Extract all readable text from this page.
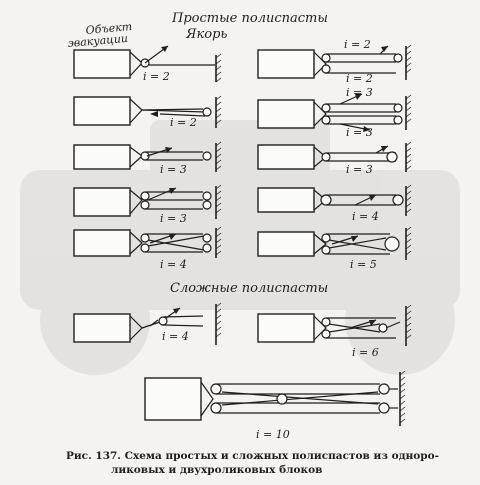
Простые полиспасты
Якорь
Объект
эвакуации
Сложные полиспасты
i = 2
i = 2
i = 3
i = 3
i = 4
i = 2
i = 2
i = 3
i = 3
i = 3
i = 4
i = 5
i = 4
i = 6
i = 10
Рис. 137. Схема простых и сложных полиспастов из одноро-
ликовых и двухроликовых блоков
